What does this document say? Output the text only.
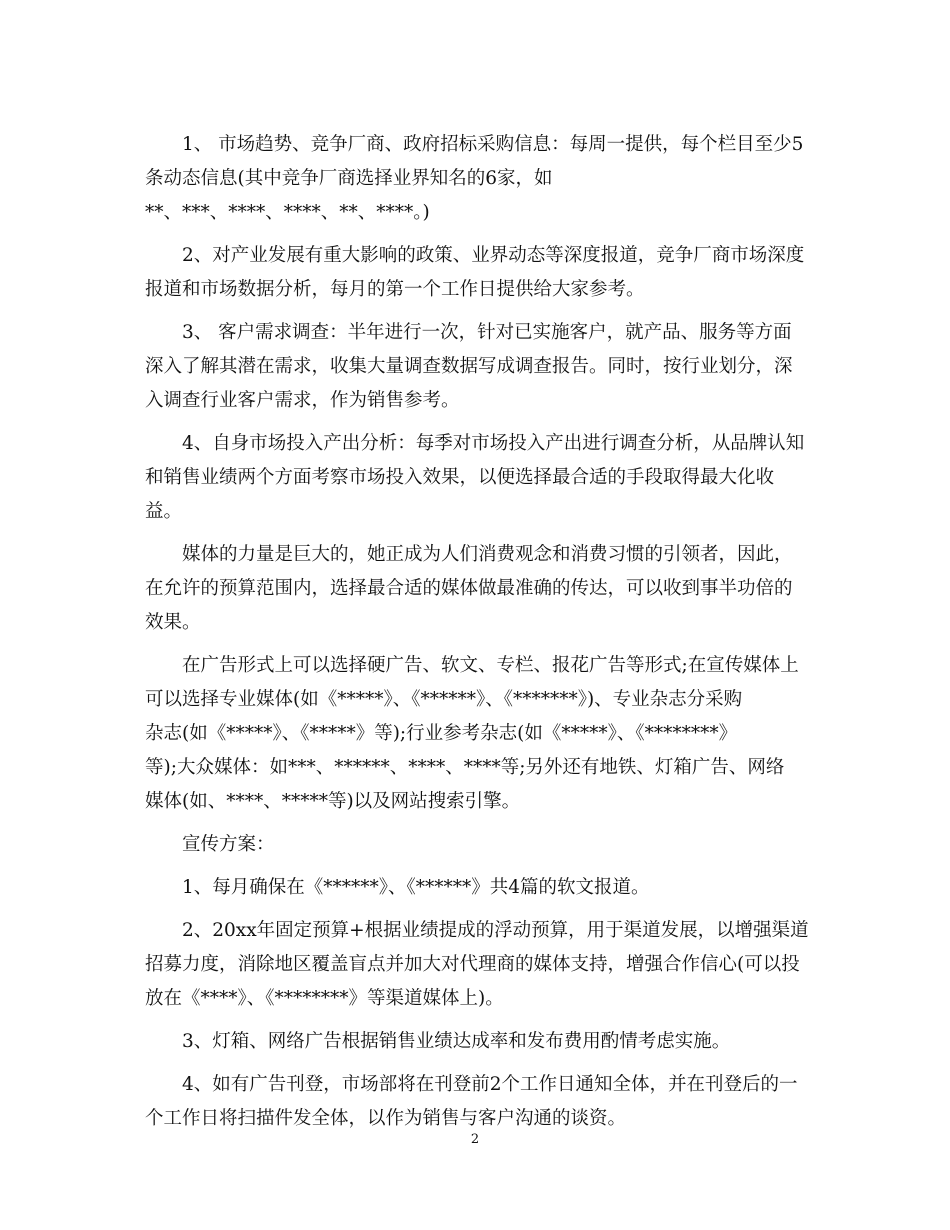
1、 市场趋势、竞争厂商、政府招标采购信息：每周一提供，每个栏目至少5
条动态信息(其中竞争厂商选择业界知名的6家，如
**、***、****、****、**、****。)

2、对产业发展有重大影响的政策、业界动态等深度报道，竞争厂商市场深度
报道和市场数据分析，每月的第一个工作日提供给大家参考。

3、 客户需求调查：半年进行一次，针对已实施客户，就产品、服务等方面
深入了解其潜在需求，收集大量调查数据写成调查报告。同时，按行业划分，深
入调查行业客户需求，作为销售参考。

4、自身市场投入产出分析：每季对市场投入产出进行调查分析，从品牌认知
和销售业绩两个方面考察市场投入效果，以便选择最合适的手段取得最大化收
益。

媒体的力量是巨大的，她正成为人们消费观念和消费习惯的引领者，因此，
在允许的预算范围内，选择最合适的媒体做最准确的传达，可以收到事半功倍的
效果。

在广告形式上可以选择硬广告、软文、专栏、报花广告等形式;在宣传媒体上
可以选择专业媒体(如《*****》、《******》、《*******》)、专业杂志分采购
杂志(如《*****》、《*****》等);行业参考杂志(如《*****》、《********》
等);大众媒体：如***、******、****、****等;另外还有地铁、灯箱广告、网络
媒体(如、****、*****等)以及网站搜索引擎。

宣传方案：

1、每月确保在《******》、《******》共4篇的软文报道。

2、20xx年固定预算+根据业绩提成的浮动预算，用于渠道发展，以增强渠道
招募力度，消除地区覆盖盲点并加大对代理商的媒体支持，增强合作信心(可以投
放在《****》、《********》等渠道媒体上)。

3、灯箱、网络广告根据销售业绩达成率和发布费用酌情考虑实施。

4、如有广告刊登，市场部将在刊登前2个工作日通知全体，并在刊登后的一
个工作日将扫描件发全体，以作为销售与客户沟通的谈资。

2
